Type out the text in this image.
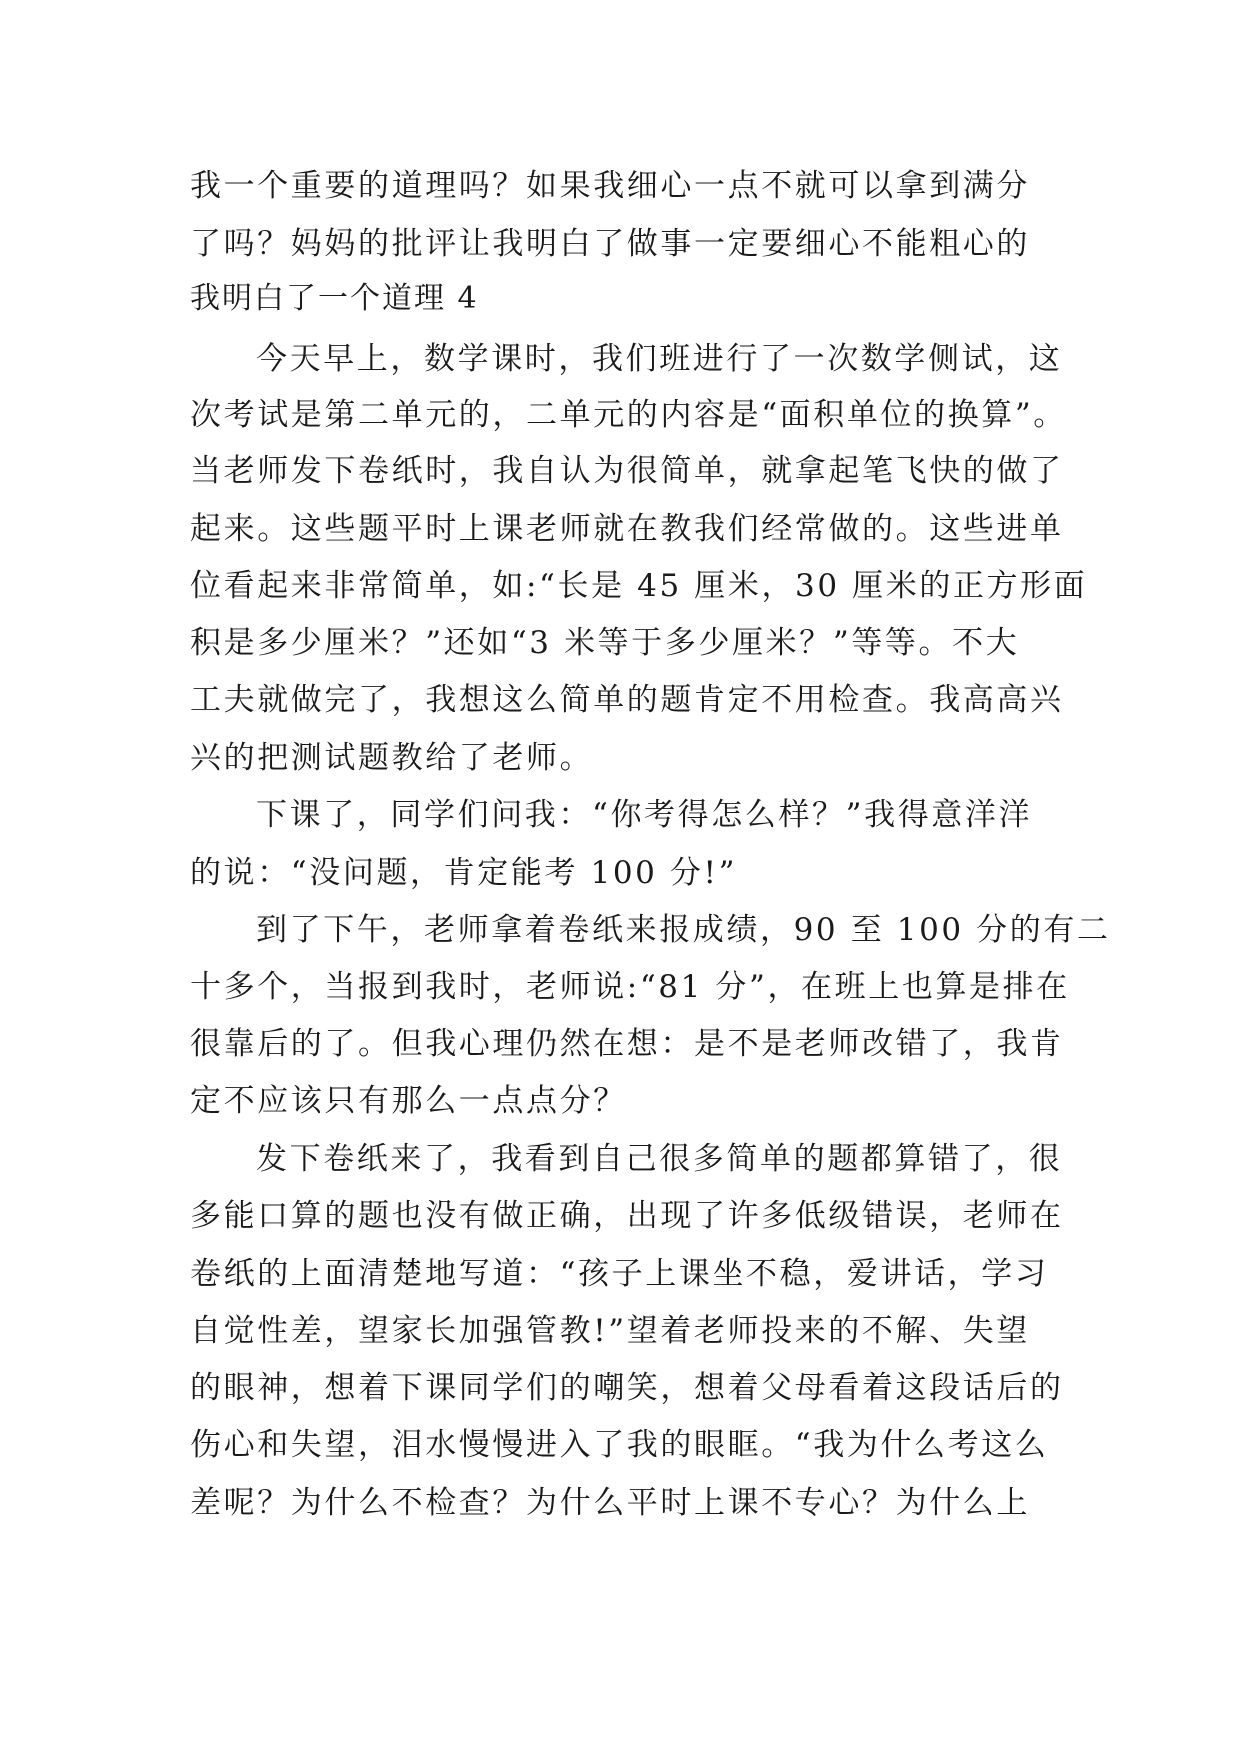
我一个重要的道理吗？如果我细心一点不就可以拿到满分
了吗？妈妈的批评让我明白了做事一定要细心不能粗心的
我明白了一个道理 4
今天早上，数学课时，我们班进行了一次数学侧试，这
次考试是第二单元的，二单元的内容是“面积单位的换算”。
当老师发下卷纸时，我自认为很简单，就拿起笔飞快的做了
起来。这些题平时上课老师就在教我们经常做的。这些进单
位看起来非常简单，如:“长是 45 厘米，30 厘米的正方形面
积是多少厘米？”还如“3 米等于多少厘米？”等等。不大
工夫就做完了，我想这么简单的题肯定不用检查。我高高兴
兴的把测试题教给了老师。
下课了，同学们问我：“你考得怎么样？”我得意洋洋
的说：“没问题，肯定能考 100 分!”
到了下午，老师拿着卷纸来报成绩，90 至 100 分的有二
十多个，当报到我时，老师说:“81 分”，在班上也算是排在
很靠后的了。但我心理仍然在想：是不是老师改错了，我肯
定不应该只有那么一点点分？
发下卷纸来了，我看到自己很多简单的题都算错了，很
多能口算的题也没有做正确，出现了许多低级错误，老师在
卷纸的上面清楚地写道：“孩子上课坐不稳，爱讲话，学习
自觉性差，望家长加强管教!”望着老师投来的不解、失望
的眼神，想着下课同学们的嘲笑，想着父母看着这段话后的
伤心和失望，泪水慢慢进入了我的眼眶。“我为什么考这么
差呢？为什么不检查？为什么平时上课不专心？为什么上
